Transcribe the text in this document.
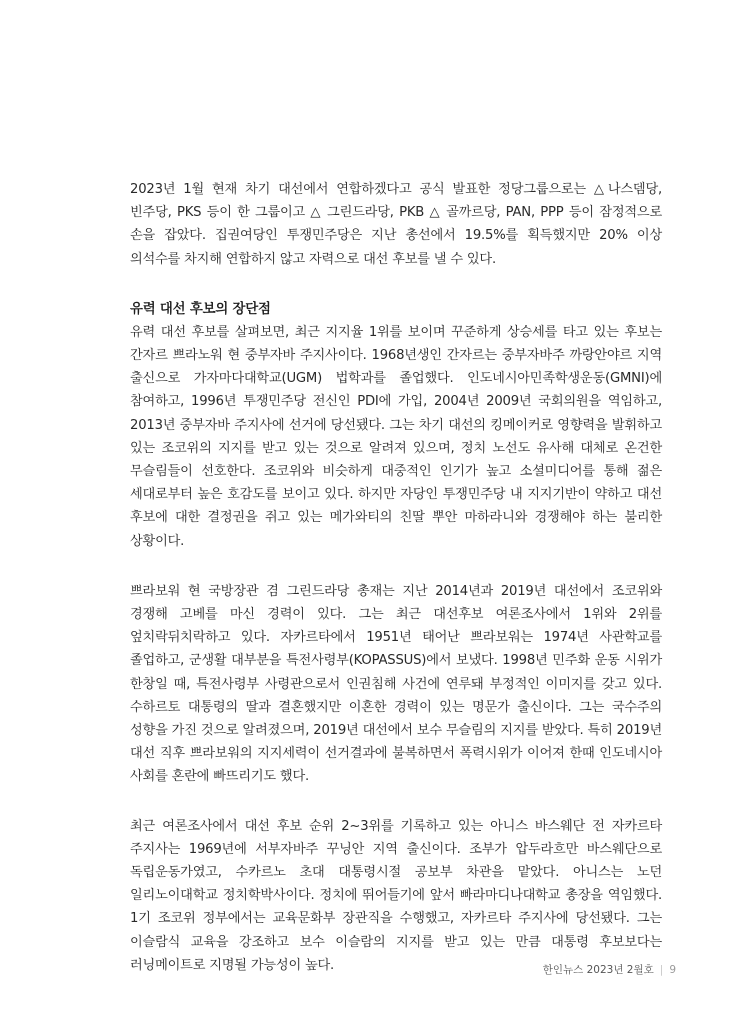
2023년 1월 현재 차기 대선에서 연합하겠다고 공식 발표한 정당그룹으로는 △나스뎀당, 빈주당, PKS 등이 한 그룹이고 △ 그린드라당, PKB △ 골까르당, PAN, PPP 등이 잠정적으로 손을 잡았다. 집권여당인 투쟁민주당은 지난 총선에서 19.5%를 획득했지만 20% 이상 의석수를 차지해 연합하지 않고 자력으로 대선 후보를 낼 수 있다.

유력 대선 후보의 장단점

유력 대선 후보를 살펴보면, 최근 지지율 1위를 보이며 꾸준하게 상승세를 타고 있는 후보는 간자르 쁘라노워 현 중부자바 주지사이다. 1968년생인 간자르는 중부자바주 까랑안야르 지역 출신으로 가자마다대학교(UGM) 법학과를 졸업했다. 인도네시아민족학생운동(GMNI)에 참여하고, 1996년 투쟁민주당 전신인 PDI에 가입, 2004년 2009년 국회의원을 역임하고, 2013년 중부자바 주지사에 선거에 당선됐다. 그는 차기 대선의 킹메이커로 영향력을 발휘하고 있는 조코위의 지지를 받고 있는 것으로 알려져 있으며, 정치 노선도 유사해 대체로 온건한 무슬림들이 선호한다. 조코위와 비슷하게 대중적인 인기가 높고 소셜미디어를 통해 젊은 세대로부터 높은 호감도를 보이고 있다. 하지만 자당인 투쟁민주당 내 지지기반이 약하고 대선 후보에 대한 결정권을 쥐고 있는 메가와티의 친딸 뿌안 마하라니와 경쟁해야 하는 불리한 상황이다.

쁘라보워 현 국방장관 겸 그린드라당 총재는 지난 2014년과 2019년 대선에서 조코위와 경쟁해 고베를 마신 경력이 있다. 그는 최근 대선후보 여론조사에서 1위와 2위를 엎치락뒤치락하고 있다. 자카르타에서 1951년 태어난 쁘라보워는 1974년 사관학교를 졸업하고, 군생활 대부분을 특전사령부(KOPASSUS)에서 보냈다. 1998년 민주화 운동 시위가 한창일 때, 특전사령부 사령관으로서 인권침해 사건에 연루돼 부정적인 이미지를 갖고 있다. 수하르토 대통령의 딸과 결혼했지만 이혼한 경력이 있는 명문가 출신이다. 그는 국수주의 성향을 가진 것으로 알려졌으며, 2019년 대선에서 보수 무슬림의 지지를 받았다. 특히 2019년 대선 직후 쁘라보워의 지지세력이 선거결과에 불복하면서 폭력시위가 이어져 한때 인도네시아 사회를 혼란에 빠뜨리기도 했다.

최근 여론조사에서 대선 후보 순위 2~3위를 기록하고 있는 아니스 바스웨단 전 자카르타 주지사는 1969년에 서부자바주 꾸닝안 지역 출신이다. 조부가 압두라흐만 바스웨단으로 독립운동가였고, 수카르노 초대 대통령시절 공보부 차관을 맡았다. 아니스는 노던 일리노이대학교 정치학박사이다. 정치에 뛰어들기에 앞서 빠라마디나대학교 총장을 역임했다. 1기 조코위 정부에서는 교육문화부 장관직을 수행했고, 자카르타 주지사에 당선됐다. 그는 이슬람식 교육을 강조하고 보수 이슬람의 지지를 받고 있는 만큼 대통령 후보보다는 러닝메이트로 지명될 가능성이 높다.	한인뉴스 2023년 2월호 | 9
